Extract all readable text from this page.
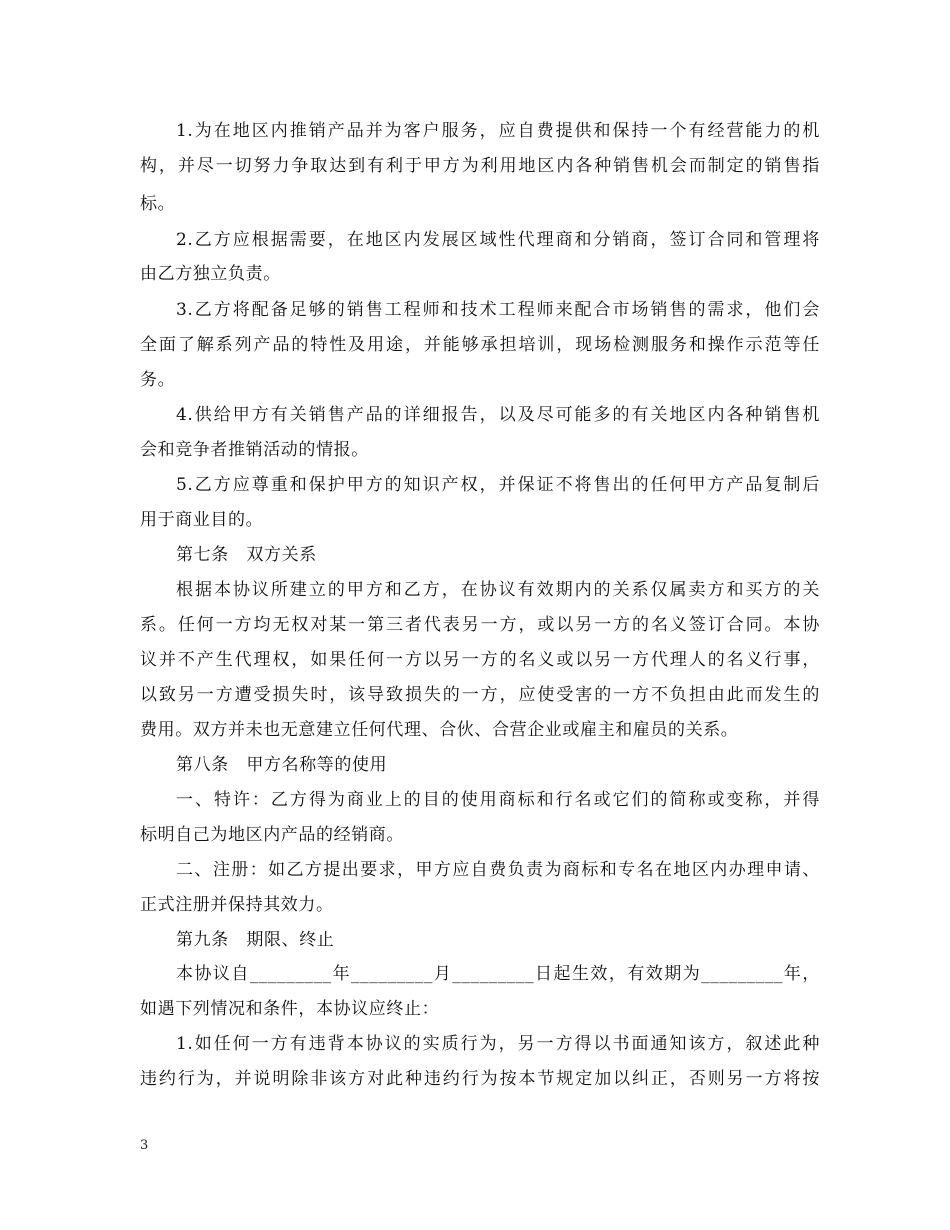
1.为在地区内推销产品并为客户服务，应自费提供和保持一个有经营能力的机
构，并尽一切努力争取达到有利于甲方为利用地区内各种销售机会而制定的销售指
标。
2.乙方应根据需要，在地区内发展区域性代理商和分销商，签订合同和管理将
由乙方独立负责。
3.乙方将配备足够的销售工程师和技术工程师来配合市场销售的需求，他们会
全面了解系列产品的特性及用途，并能够承担培训，现场检测服务和操作示范等任
务。
4.供给甲方有关销售产品的详细报告，以及尽可能多的有关地区内各种销售机
会和竞争者推销活动的情报。
5.乙方应尊重和保护甲方的知识产权，并保证不将售出的任何甲方产品复制后
用于商业目的。
第七条　双方关系
根据本协议所建立的甲方和乙方，在协议有效期内的关系仅属卖方和买方的关
系。任何一方均无权对某一第三者代表另一方，或以另一方的名义签订合同。本协
议并不产生代理权，如果任何一方以另一方的名义或以另一方代理人的名义行事，
以致另一方遭受损失时，该导致损失的一方，应使受害的一方不负担由此而发生的
费用。双方并未也无意建立任何代理、合伙、合营企业或雇主和雇员的关系。
第八条　甲方名称等的使用
一、特许：乙方得为商业上的目的使用商标和行名或它们的简称或变称，并得
标明自己为地区内产品的经销商。
二、注册：如乙方提出要求，甲方应自费负责为商标和专名在地区内办理申请、
正式注册并保持其效力。
第九条　期限、终止
本协议自_________年_________月_________日起生效，有效期为_________年，
如遇下列情况和条件，本协议应终止：
1.如任何一方有违背本协议的实质行为，另一方得以书面通知该方，叙述此种
违约行为，并说明除非该方对此种违约行为按本节规定加以纠正，否则另一方将按
3
